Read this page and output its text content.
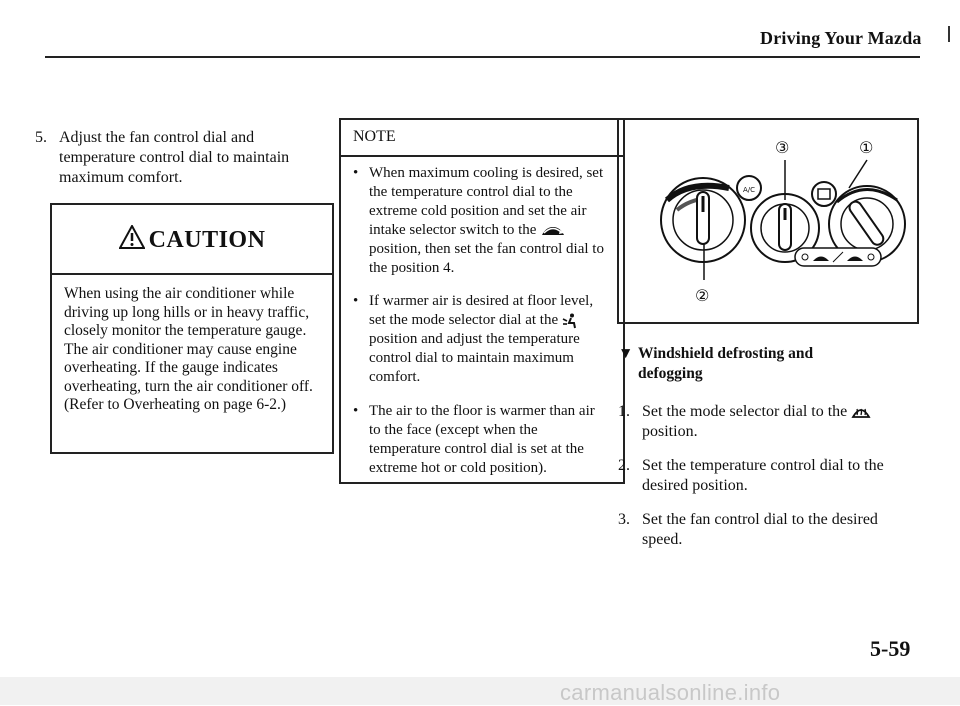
Driving Your Mazda
5. Adjust the fan control dial and temperature control dial to maintain maximum comfort.
CAUTION
When using the air conditioner while driving up long hills or in heavy traffic, closely monitor the temperature gauge. The air conditioner may cause engine overheating. If the gauge indicates overheating, turn the air conditioner off. (Refer to Overheating on page 6-2.)
NOTE
• When maximum cooling is desired, set the temperature control dial to the extreme cold position and set the air intake selector switch to the  position, then set the fan control dial to the position 4.
• If warmer air is desired at floor level, set the mode selector dial at the  position and adjust the temperature control dial to maintain maximum comfort.
• The air to the floor is warmer than air to the face (except when the temperature control dial is set at the extreme hot or cold position).
A/C
③	①
②
▼ Windshield defrosting and defogging
1. Set the mode selector dial to the  position.
2. Set the temperature control dial to the desired position.
3. Set the fan control dial to the desired speed.
5-59
carmanualsonline.info
